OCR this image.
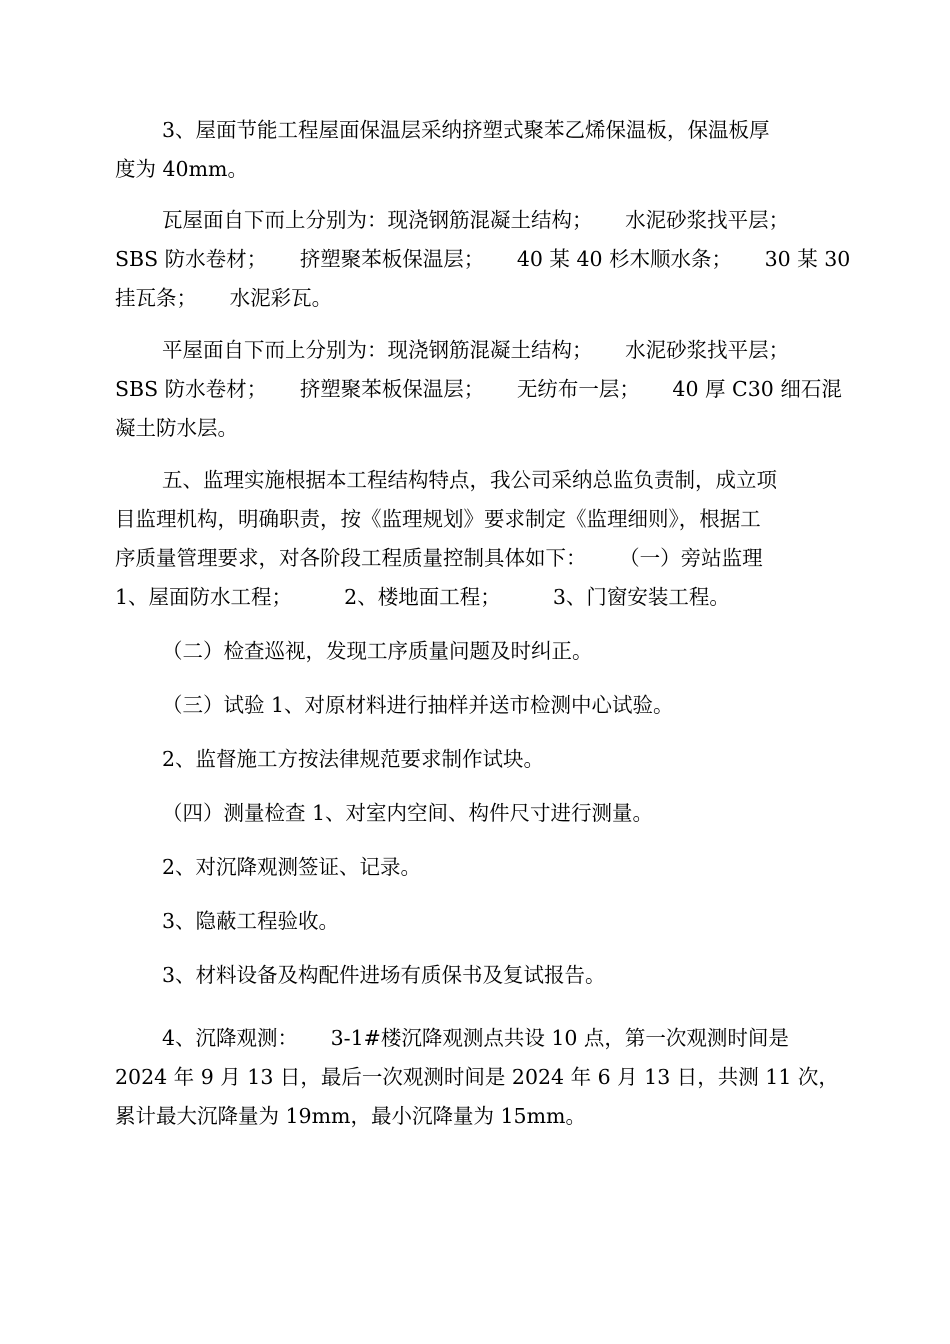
3、屋面节能工程屋面保温层采纳挤塑式聚苯乙烯保温板，保温板厚
度为 40mm。
瓦屋面自下而上分别为：现浇钢筋混凝土结构；     水泥砂浆找平层；
SBS 防水卷材；     挤塑聚苯板保温层；     40 某 40 杉木顺水条；     30 某 30
挂瓦条；     水泥彩瓦。
平屋面自下而上分别为：现浇钢筋混凝土结构；     水泥砂浆找平层；
SBS 防水卷材；     挤塑聚苯板保温层；     无纺布一层；     40 厚 C30 细石混
凝土防水层。
五、监理实施根据本工程结构特点，我公司采纳总监负责制，成立项
目监理机构，明确职责，按《监理规划》要求制定《监理细则》，根据工
序质量管理要求，对各阶段工程质量控制具体如下：     （一）旁站监理
1、屋面防水工程；        2、楼地面工程；        3、门窗安装工程。
（二）检查巡视，发现工序质量问题及时纠正。
（三）试验 1、对原材料进行抽样并送市检测中心试验。
2、监督施工方按法律规范要求制作试块。
（四）测量检查 1、对室内空间、构件尺寸进行测量。
2、对沉降观测签证、记录。
3、隐蔽工程验收。
3、材料设备及构配件进场有质保书及复试报告。
4、沉降观测：     3-1#楼沉降观测点共设 10 点，第一次观测时间是
2024 年 9 月 13 日，最后一次观测时间是 2024 年 6 月 13 日，共测 11 次，
累计最大沉降量为 19mm，最小沉降量为 15mm。
